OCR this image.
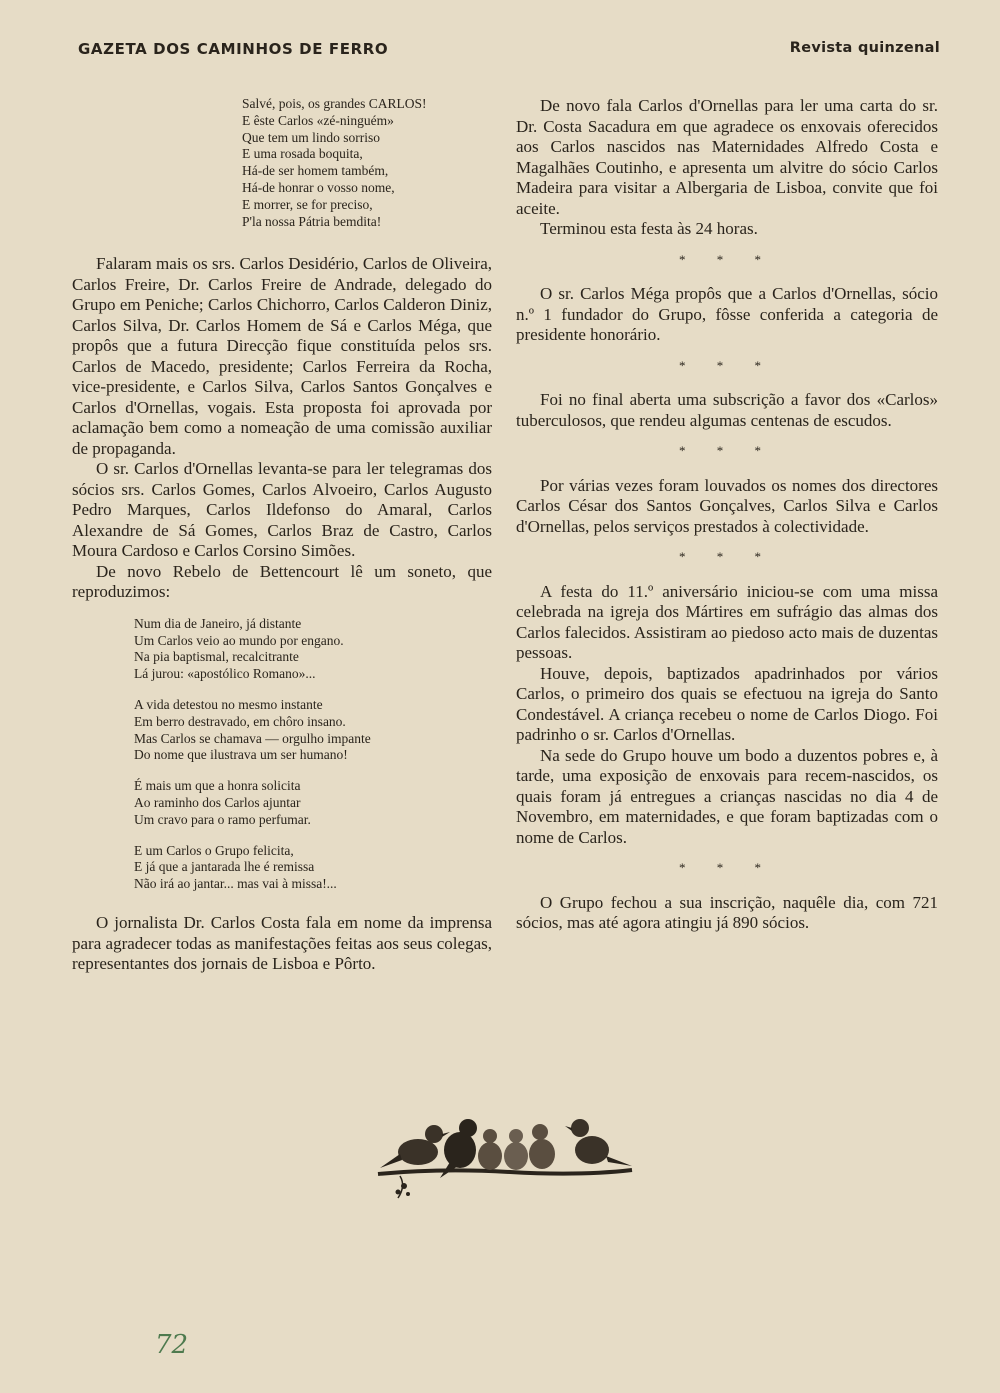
GAZETA DOS CAMINHOS DE FERRO	Revista quinzenal
Salvé, pois, os grandes CARLOS!
E êste Carlos «zé-ninguém»
Que tem um lindo sorriso
E uma rosada boquita,
Há-de ser homem também,
Há-de honrar o vosso nome,
E morrer, se for preciso,
P'la nossa Pátria bemdita!

Falaram mais os srs. Carlos Desidério, Carlos de Oliveira, Carlos Freire, Dr. Carlos Freire de Andrade, delegado do Grupo em Peniche; Carlos Chichorro, Carlos Calderon Diniz, Carlos Silva, Dr. Carlos Homem de Sá e Carlos Méga, que propôs que a futura Direcção fique constituída pelos srs. Carlos de Macedo, presidente; Carlos Ferreira da Rocha, vice-presidente, e Carlos Silva, Carlos Santos Gonçalves e Carlos d'Ornellas, vogais. Esta proposta foi aprovada por aclamação bem como a nomeação de uma comissão auxiliar de propaganda.

O sr. Carlos d'Ornellas levanta-se para ler telegramas dos sócios srs. Carlos Gomes, Carlos Alvoeiro, Carlos Augusto Pedro Marques, Carlos Ildefonso do Amaral, Carlos Alexandre de Sá Gomes, Carlos Braz de Castro, Carlos Moura Cardoso e Carlos Corsino Simões.

De novo Rebelo de Bettencourt lê um soneto, que reproduzimos:

Num dia de Janeiro, já distante
Um Carlos veio ao mundo por engano.
Na pia baptismal, recalcitrante
Lá jurou: «apostólico Romano»...
A vida detestou no mesmo instante
Em berro destravado, em chôro insano.
Mas Carlos se chamava — orgulho impante
Do nome que ilustrava um ser humano!
É mais um que a honra solicita
Ao raminho dos Carlos ajuntar
Um cravo para o ramo perfumar.
E um Carlos o Grupo felicita,
E já que a jantarada lhe é remissa
Não irá ao jantar... mas vai à missa!...

O jornalista Dr. Carlos Costa fala em nome da imprensa para agradecer todas as manifestações feitas aos seus colegas, representantes dos jornais de Lisboa e Pôrto.

De novo fala Carlos d'Ornellas para ler uma carta do sr. Dr. Costa Sacadura em que agradece os enxovais oferecidos aos Carlos nascidos nas Maternidades Alfredo Costa e Magalhães Coutinho, e apresenta um alvitre do sócio Carlos Madeira para visitar a Albergaria de Lisboa, convite que foi aceite.

Terminou esta festa às 24 horas.

* * *

O sr. Carlos Méga propôs que a Carlos d'Ornellas, sócio n.º 1 fundador do Grupo, fôsse conferida a categoria de presidente honorário.

* * *

Foi no final aberta uma subscrição a favor dos «Carlos» tuberculosos, que rendeu algumas centenas de escudos.

* * *

Por várias vezes foram louvados os nomes dos directores Carlos César dos Santos Gonçalves, Carlos Silva e Carlos d'Ornellas, pelos serviços prestados à colectividade.

* * *

A festa do 11.º aniversário iniciou-se com uma missa celebrada na igreja dos Mártires em sufrágio das almas dos Carlos falecidos. Assistiram ao piedoso acto mais de duzentas pessoas.

Houve, depois, baptizados apadrinhados por vários Carlos, o primeiro dos quais se efectuou na igreja do Santo Condestável. A criança recebeu o nome de Carlos Diogo. Foi padrinho o sr. Carlos d'Ornellas.

Na sede do Grupo houve um bodo a duzentos pobres e, à tarde, uma exposição de enxovais para recem-nascidos, os quais foram já entregues a crianças nascidas no dia 4 de Novembro, em maternidades, e que foram baptizadas com o nome de Carlos.

* * *

O Grupo fechou a sua inscrição, naquêle dia, com 721 sócios, mas até agora atingiu já 890 sócios.

72
